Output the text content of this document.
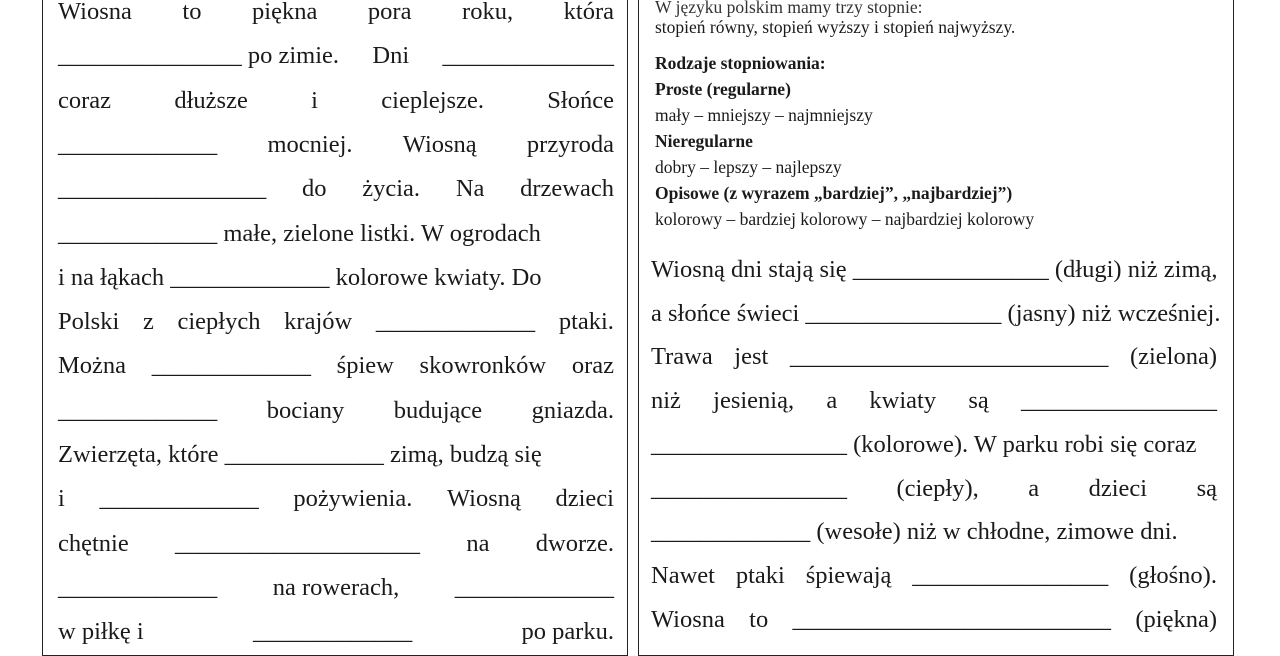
Wiosna to piękna pora roku, która
_______________ po zimie. Dni ______________
coraz	dłuższe	i	cieplejsze.	Słońce
_____________ mocniej. Wiosną przyroda
_________________ do życia. Na drzewach
_____________ małe, zielone listki. W ogrodach
i na łąkach _____________ kolorowe kwiaty. Do
Polski z ciepłych krajów _____________ ptaki.
Można _____________ śpiew skowronków oraz
_____________ bociany budujące gniazda.
Zwierzęta, które _____________ zimą, budzą się
i _____________ pożywienia. Wiosną dzieci
chętnie ____________________ na dworze.
_____________ na rowerach, _____________
w piłkę i	_____________	po parku.
W języku polskim mamy trzy stopnie:
stopień równy, stopień wyższy i stopień najwyższy.
Rodzaje stopniowania:
Proste (regularne)
mały – mniejszy – najmniejszy
Nieregularne
dobry – lepszy – najlepszy
Opisowe (z wyrazem „bardziej”, „najbardziej”)
kolorowy – bardziej kolorowy – najbardziej kolorowy
Wiosną dni stają się ________________ (długi) niż zimą,
a słońce świeci ________________ (jasny) niż wcześniej.
Trawa jest __________________________ (zielona)
niż jesienią, a kwiaty są ________________
________________ (kolorowe). W parku robi się coraz
________________ (ciepły), a dzieci są
_____________ (wesołe) niż w chłodne, zimowe dni.
Nawet ptaki śpiewają ________________ (głośno).
Wiosna to __________________________ (piękna)
